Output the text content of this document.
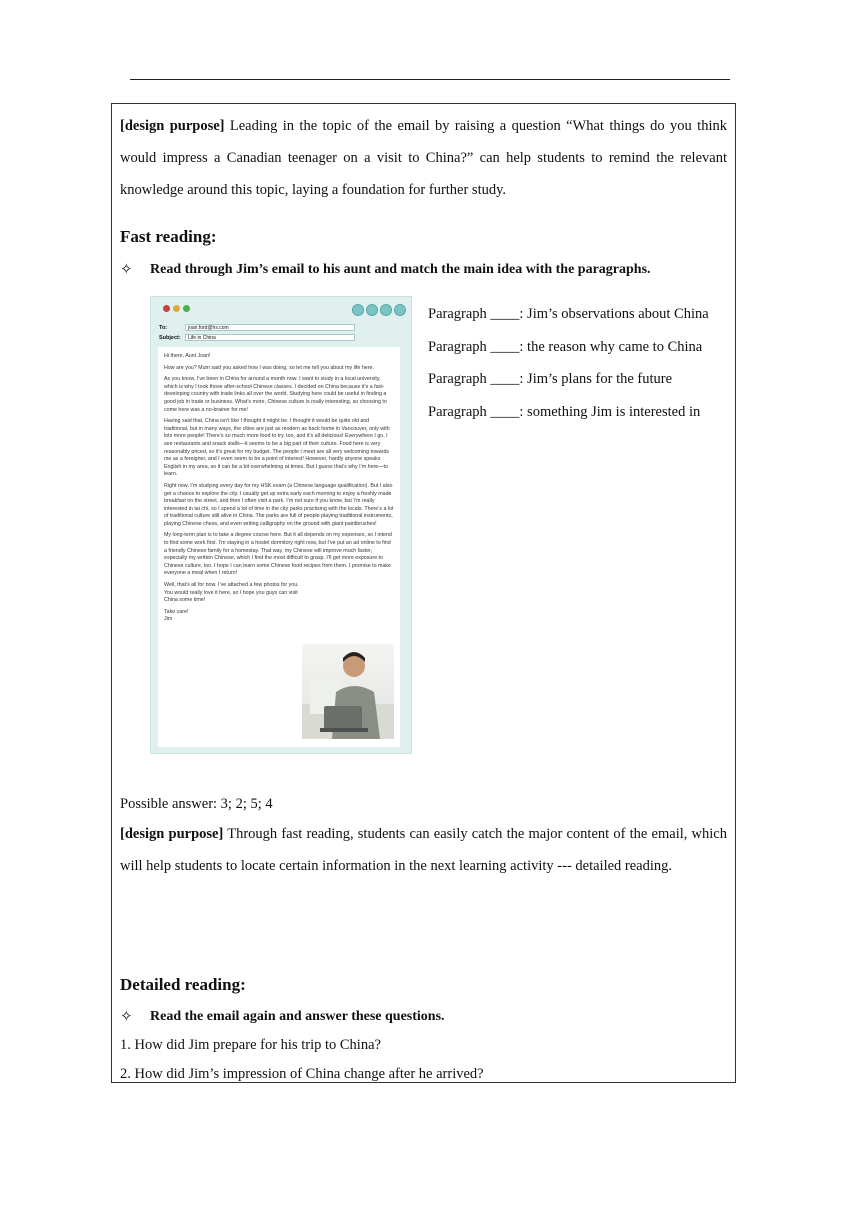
[design purpose] Leading in the topic of the email by raising a question “What things do you think would impress a Canadian teenager on a visit to China?” can help students to remind the relevant knowledge around this topic, laying a foundation for further study.

Fast reading:
✧	Read through Jim’s email to his aunt and match the main idea with the paragraphs.
To:	joan.ford@hs.com
Subject:	Life in China

Hi there, Aunt Joan!

How are you? Mum said you asked how I was doing, so let me tell you about my life here.

As you know, I’ve been in China for around a month now. I want to study in a local university, which is why I took those after-school Chinese classes. I decided on China because it’s a fast-developing country with trade links all over the world. Studying here could be useful in finding a good job in trade or business. What’s more, Chinese culture is really interesting, so choosing to come here was a no-brainer for me!

Having said that, China isn’t like I thought it might be. I thought it would be quite old and traditional, but in many ways, the cities are just as modern as back home in Vancouver, only with lots more people! There’s so much more food to try, too, and it’s all delicious! Everywhere I go, I see restaurants and snack stalls—it seems to be a big part of their culture. Food here is very reasonably priced, so it’s great for my budget. The people I meet are all very welcoming towards me as a foreigner, and I even seem to be a point of interest! However, hardly anyone speaks English in my area, so it can be a bit overwhelming at times. But I guess that’s why I’m here—to learn.

Right now, I’m studying every day for my HSK exam (a Chinese language qualification). But I also get a chance to explore the city. I usually get up extra early each morning to enjoy a freshly made breakfast on the street, and then I often visit a park. I’m not sure if you know, but I’m really interested in tai chi, so I spend a lot of time in the city parks practising with the locals. There’s a lot of traditional culture still alive in China. The parks are full of people playing traditional instruments, playing Chinese chess, and even writing calligraphy on the ground with giant paintbrushes!

My long-term plan is to take a degree course here. But it all depends on my expenses, so I intend to find some work first. I’m staying in a hostel dormitory right now, but I’ve put an ad online to find a friendly Chinese family for a homestay. That way, my Chinese will improve much faster, especially my written Chinese, which I find the most difficult to grasp. I’ll get more exposure to Chinese culture, too. I hope I can learn some Chinese food recipes from them. I promise to make everyone a meal when I return!

Well, that’s all for now. I’ve attached a few photos for you. You would really love it here, so I hope you guys can visit China some time!

Take care!

Jim

Paragraph ____: Jim’s observations about China
Paragraph ____: the reason why came to China
Paragraph ____: Jim’s plans for the future
Paragraph ____: something Jim is interested in
Possible answer: 3; 2; 5; 4

[design purpose] Through fast reading, students can easily catch the major content of the email, which will help students to locate certain information in the next learning activity --- detailed reading.

Detailed reading:
✧	Read the email again and answer these questions.
1. How did Jim prepare for his trip to China?
2. How did Jim’s impression of China change after he arrived?
